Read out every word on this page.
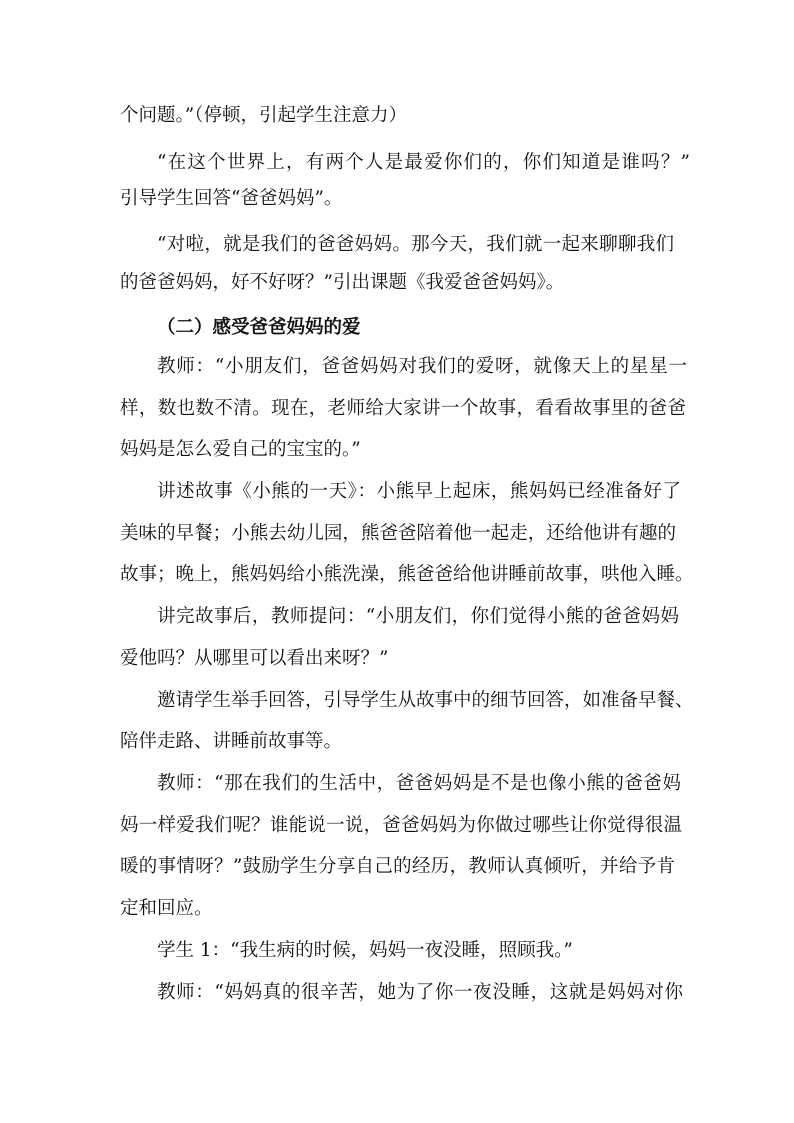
个问题。”（停顿，引起学生注意力）
“在这个世界上，有两个人是最爱你们的，你们知道是谁吗？”
引导学生回答“爸爸妈妈”。
“对啦，就是我们的爸爸妈妈。那今天，我们就一起来聊聊我们
的爸爸妈妈，好不好呀？”引出课题《我爱爸爸妈妈》。
（二）感受爸爸妈妈的爱
教师：“小朋友们，爸爸妈妈对我们的爱呀，就像天上的星星一
样，数也数不清。现在，老师给大家讲一个故事，看看故事里的爸爸
妈妈是怎么爱自己的宝宝的。”
讲述故事《小熊的一天》：小熊早上起床，熊妈妈已经准备好了
美味的早餐；小熊去幼儿园，熊爸爸陪着他一起走，还给他讲有趣的
故事；晚上，熊妈妈给小熊洗澡，熊爸爸给他讲睡前故事，哄他入睡。
讲完故事后，教师提问：“小朋友们，你们觉得小熊的爸爸妈妈
爱他吗？从哪里可以看出来呀？”
邀请学生举手回答，引导学生从故事中的细节回答，如准备早餐、
陪伴走路、讲睡前故事等。
教师：“那在我们的生活中，爸爸妈妈是不是也像小熊的爸爸妈
妈一样爱我们呢？谁能说一说，爸爸妈妈为你做过哪些让你觉得很温
暖的事情呀？”鼓励学生分享自己的经历，教师认真倾听，并给予肯
定和回应。
学生 1：“我生病的时候，妈妈一夜没睡，照顾我。”
教师：“妈妈真的很辛苦，她为了你一夜没睡，这就是妈妈对你
